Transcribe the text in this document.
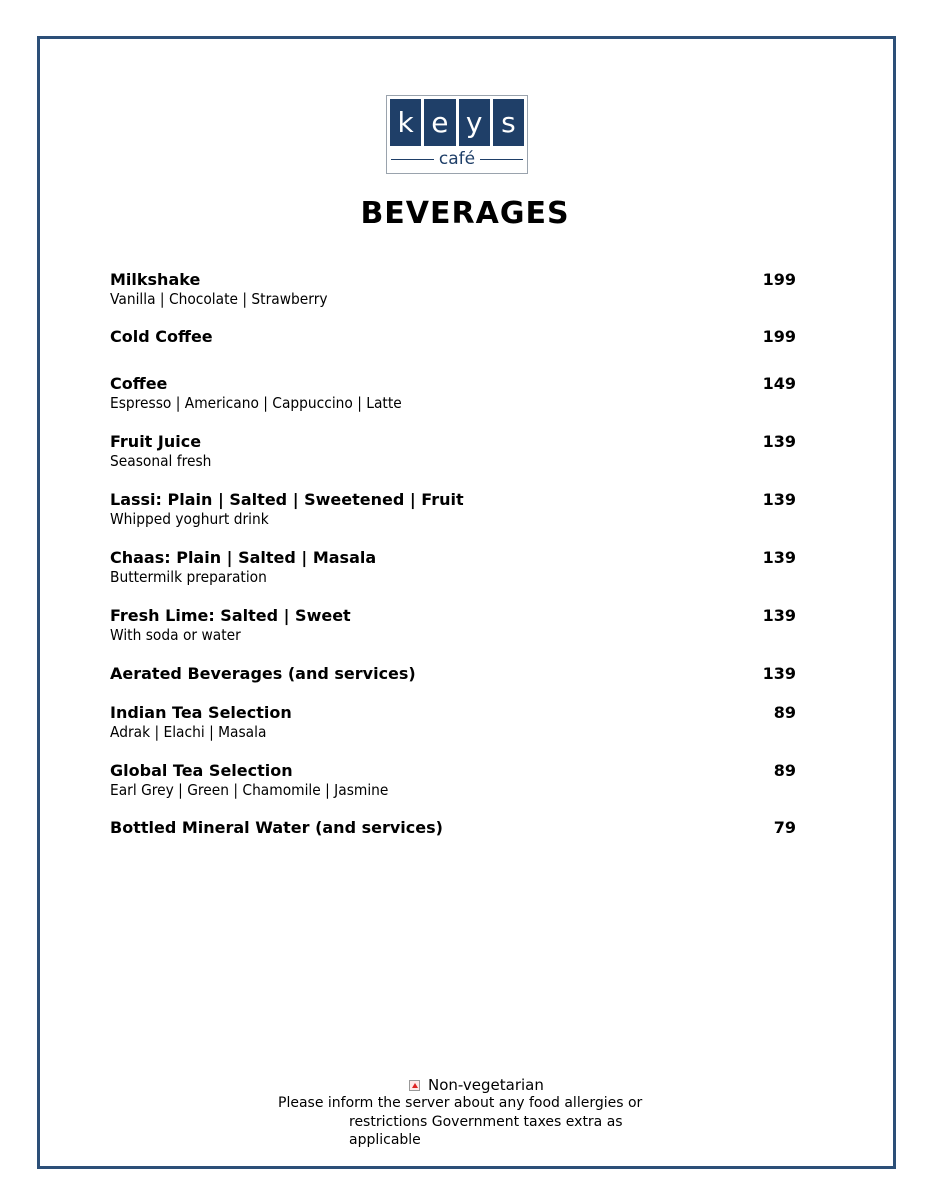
k e y s
café
BEVERAGES
Milkshake	199
Vanilla | Chocolate | Strawberry
Cold Coffee	199
Coffee	149
Espresso | Americano | Cappuccino | Latte
Fruit Juice	139
Seasonal fresh
Lassi: Plain | Salted | Sweetened | Fruit	139
Whipped yoghurt drink
Chaas: Plain | Salted | Masala	139
Buttermilk preparation
Fresh Lime: Salted | Sweet	139
With soda or water
Aerated Beverages (and services)	139
Indian Tea Selection	89
Adrak | Elachi | Masala
Global Tea Selection	89
Earl Grey | Green | Chamomile | Jasmine
Bottled Mineral Water (and services)	79
Non-vegetarian
Please inform the server about any food allergies or
restrictions Government taxes extra as applicable
